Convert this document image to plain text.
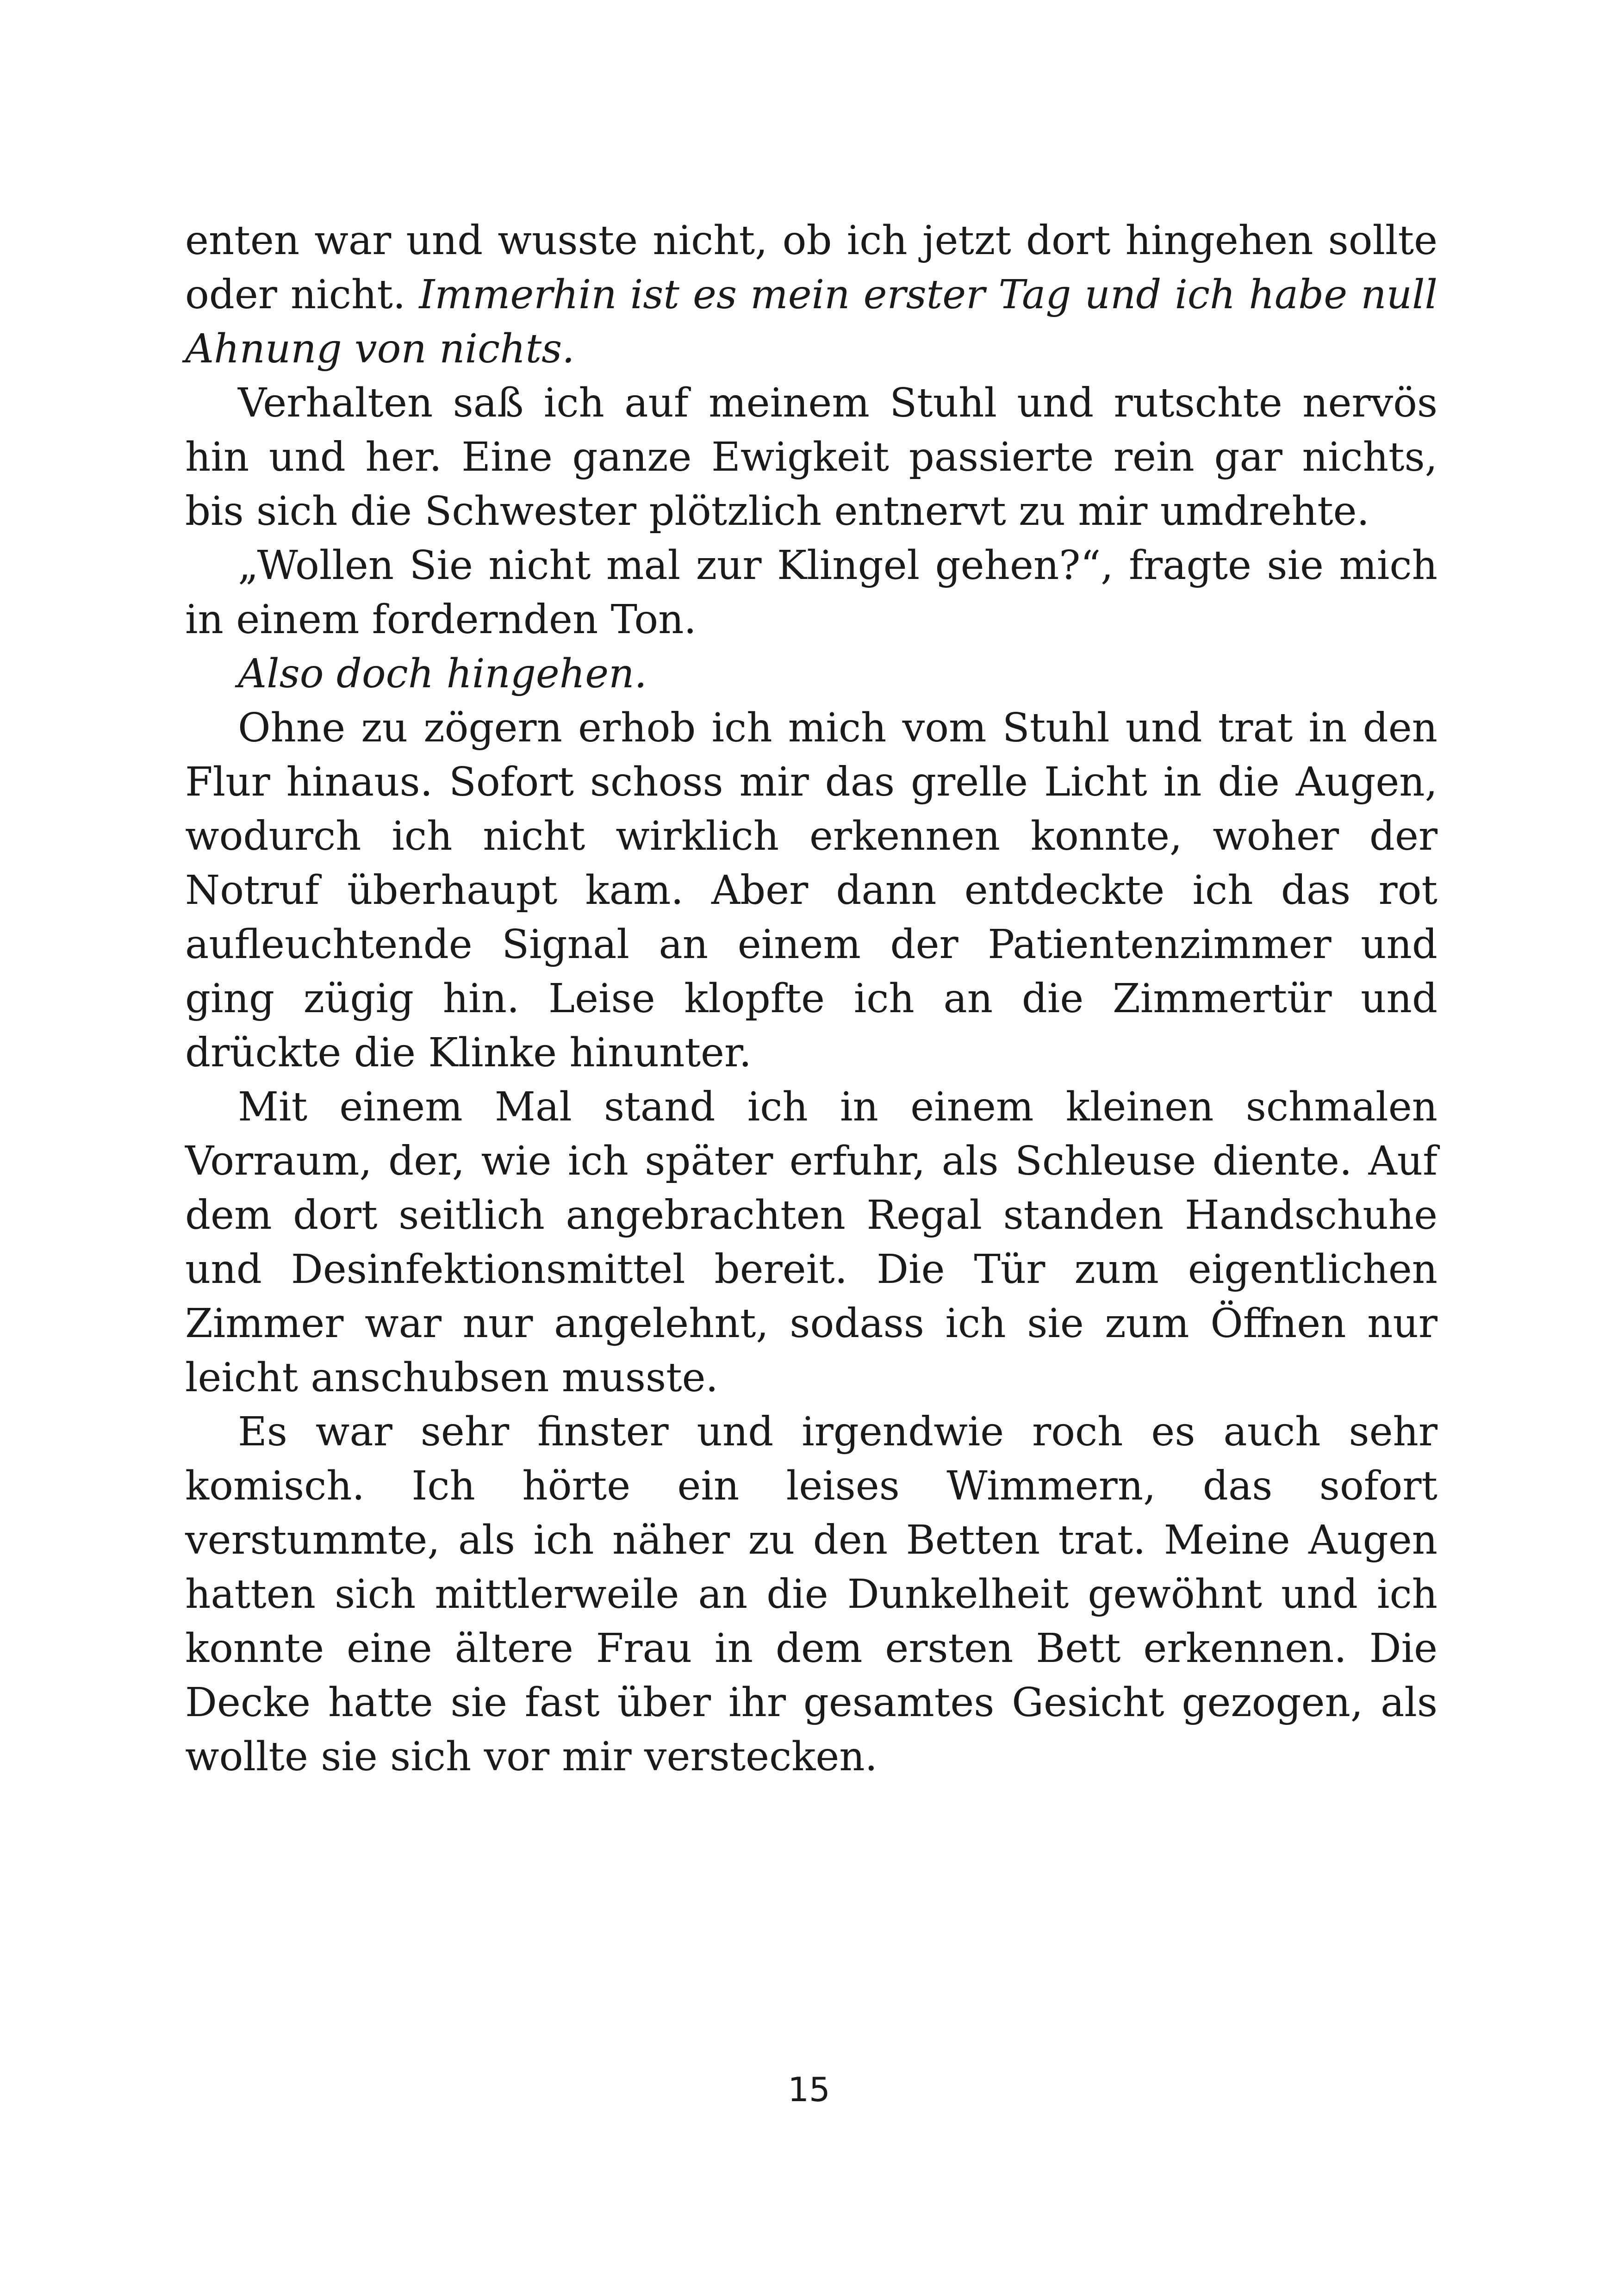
enten war und wusste nicht, ob ich jetzt dort hingehen sollte oder nicht. Immerhin ist es mein erster Tag und ich habe null Ahnung von nichts.

Verhalten saß ich auf meinem Stuhl und rutschte nervös hin und her. Eine ganze Ewigkeit passierte rein gar nichts, bis sich die Schwester plötzlich entnervt zu mir umdrehte.

„Wollen Sie nicht mal zur Klingel gehen?“, fragte sie mich in einem fordernden Ton.

Also doch hingehen.

Ohne zu zögern erhob ich mich vom Stuhl und trat in den Flur hinaus. Sofort schoss mir das grelle Licht in die Augen, wodurch ich nicht wirklich erkennen konnte, woher der Notruf überhaupt kam. Aber dann entdeckte ich das rot aufleuchtende Signal an einem der Patientenzimmer und ging zügig hin. Leise klopfte ich an die Zimmertür und drückte die Klinke hinunter.

Mit einem Mal stand ich in einem kleinen schmalen Vorraum, der, wie ich später erfuhr, als Schleuse diente. Auf dem dort seitlich angebrachten Regal standen Handschuhe und Desinfektionsmittel bereit. Die Tür zum eigentlichen Zimmer war nur angelehnt, sodass ich sie zum Öffnen nur leicht anschubsen musste.

Es war sehr finster und irgendwie roch es auch sehr komisch. Ich hörte ein leises Wimmern, das sofort verstummte, als ich näher zu den Betten trat. Meine Augen hatten sich mittlerweile an die Dunkelheit gewöhnt und ich konnte eine ältere Frau in dem ersten Bett erkennen. Die Decke hatte sie fast über ihr gesamtes Gesicht gezogen, als wollte sie sich vor mir verstecken.

15
